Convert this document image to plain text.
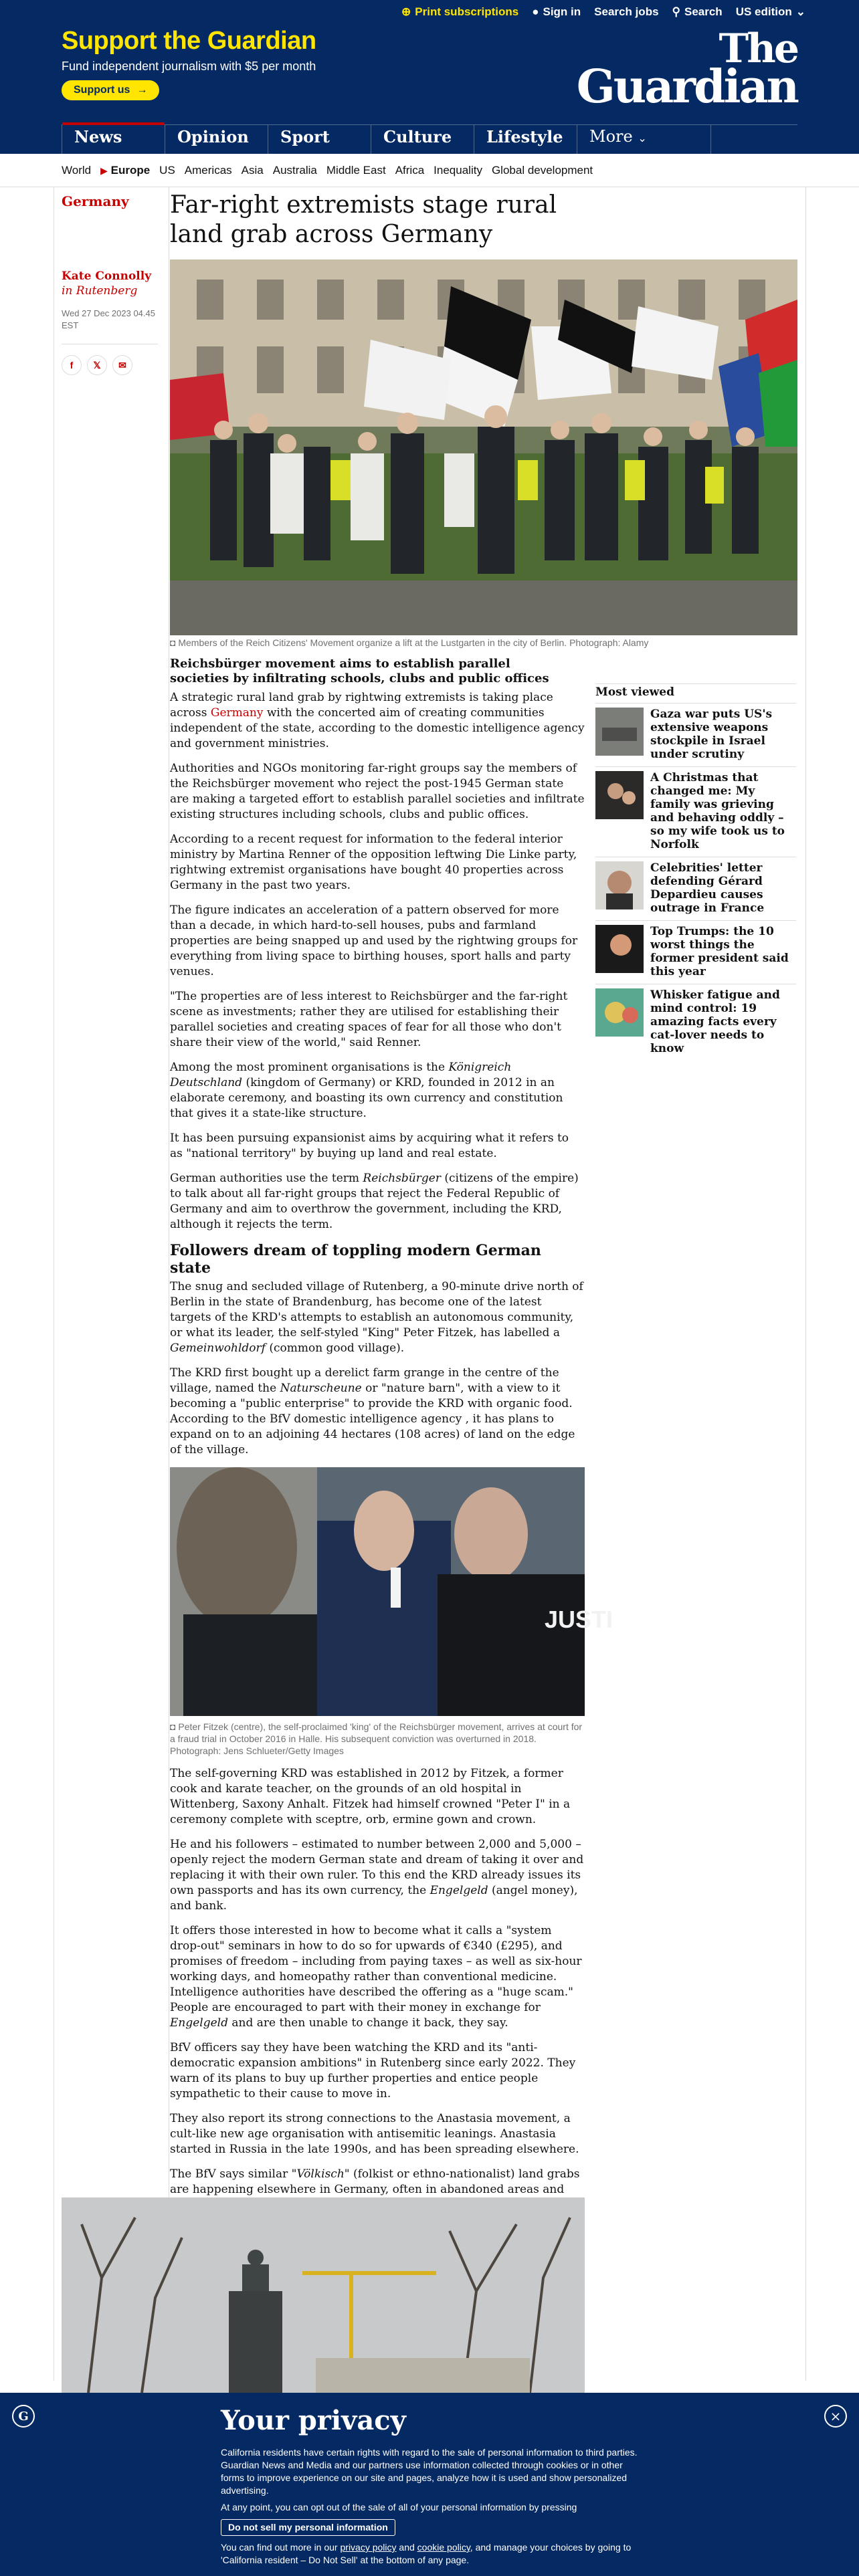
⊕ Print subscriptions ● Sign in Search jobs ⚲ Search US edition ⌄
Support the Guardian

Fund independent journalism with $5 per month

Support us →
The
Guardian
News	Opinion	Sport	Culture	Lifestyle	More ⌄
World ▶ Europe US Americas Asia Australia Middle East Africa Inequality Global development
Germany
Kate Connolly in Rutenberg
Wed 27 Dec 2023 04.45 EST
f	𝕏	✉
Far-right extremists stage rural land grab across Germany
◘ Members of the Reich Citizens' Movement organize a lift at the Lustgarten in the city of Berlin. Photograph: Alamy
Reichsbürger movement aims to establish parallel societies by infiltrating schools, clubs and public offices

A strategic rural land grab by rightwing extremists is taking place across Germany with the concerted aim of creating communities independent of the state, according to the domestic intelligence agency and government ministries.

Authorities and NGOs monitoring far-right groups say the members of the Reichsbürger movement who reject the post-1945 German state are making a targeted effort to establish parallel societies and infiltrate existing structures including schools, clubs and public offices.

According to a recent request for information to the federal interior ministry by Martina Renner of the opposition leftwing Die Linke party, rightwing extremist organisations have bought 40 properties across Germany in the past two years.

The figure indicates an acceleration of a pattern observed for more than a decade, in which hard-to-sell houses, pubs and farmland properties are being snapped up and used by the rightwing groups for everything from living space to birthing houses, sport halls and party venues.

"The properties are of less interest to Reichsbürger and the far-right scene as investments; rather they are utilised for establishing their parallel societies and creating spaces of fear for all those who don't share their view of the world," said Renner.

Among the most prominent organisations is the Königreich Deutschland (kingdom of Germany) or KRD, founded in 2012 in an elaborate ceremony, and boasting its own currency and constitution that gives it a state-like structure.

It has been pursuing expansionist aims by acquiring what it refers to as "national territory" by buying up land and real estate.

German authorities use the term Reichsbürger (citizens of the empire) to talk about all far-right groups that reject the Federal Republic of Germany and aim to overthrow the government, including the KRD, although it rejects the term.

Followers dream of toppling modern German state

The snug and secluded village of Rutenberg, a 90-minute drive north of Berlin in the state of Brandenburg, has become one of the latest targets of the KRD's attempts to establish an autonomous community, or what its leader, the self-styled "King" Peter Fitzek, has labelled a Gemeinwohldorf (common good village).

The KRD first bought up a derelict farm grange in the centre of the village, named the Naturscheune or "nature barn", with a view to it becoming a "public enterprise" to provide the KRD with organic food. According to the BfV domestic intelligence agency , it has plans to expand on to an adjoining 44 hectares (108 acres) of land on the edge of the village.

JUSTI
◘ Peter Fitzek (centre), the self-proclaimed 'king' of the Reichsbürger movement, arrives at court for a fraud trial in October 2016 in Halle. His subsequent conviction was overturned in 2018. Photograph: Jens Schlueter/Getty Images

The self-governing KRD was established in 2012 by Fitzek, a former cook and karate teacher, on the grounds of an old hospital in Wittenberg, Saxony Anhalt. Fitzek had himself crowned "Peter I" in a ceremony complete with sceptre, orb, ermine gown and crown.

He and his followers – estimated to number between 2,000 and 5,000 – openly reject the modern German state and dream of taking it over and replacing it with their own ruler. To this end the KRD already issues its own passports and has its own currency, the Engelgeld (angel money), and bank.

It offers those interested in how to become what it calls a "system drop-out" seminars in how to do so for upwards of €340 (£295), and promises of freedom – including from paying taxes – as well as six-hour working days, and homeopathy rather than conventional medicine. Intelligence authorities have described the offering as a "huge scam." People are encouraged to part with their money in exchange for Engelgeld and are then unable to change it back, they say.

BfV officers say they have been watching the KRD and its "anti-democratic expansion ambitions" in Rutenberg since early 2022. They warn of its plans to buy up further properties and entice people sympathetic to their cause to move in.

They also report its strong connections to the Anastasia movement, a cult-like new age organisation with antisemitic leanings. Anastasia started in Russia in the late 1990s, and has been spreading elsewhere.

The BfV says similar "Völkisch" (folkist or ethno-nationalist) land grabs are happening elsewhere in Germany, often in abandoned areas and

Most viewed
Gaza war puts US's extensive weapons stockpile in Israel under scrutiny
A Christmas that changed me: My family was grieving and behaving oddly – so my wife took us to Norfolk
Celebrities' letter defending Gérard Depardieu causes outrage in France
Top Trumps: the 10 worst things the former president said this year
Whisker fatigue and mind control: 19 amazing facts every cat-lover needs to know
G	×
Your privacy

California residents have certain rights with regard to the sale of personal information to third parties. Guardian News and Media and our partners use information collected through cookies or in other forms to improve experience on our site and pages, analyze how it is used and show personalized advertising.

At any point, you can opt out of the sale of all of your personal information by pressing

Do not sell my personal information

You can find out more in our privacy policy and cookie policy, and manage your choices by going to 'California resident – Do Not Sell' at the bottom of any page.
